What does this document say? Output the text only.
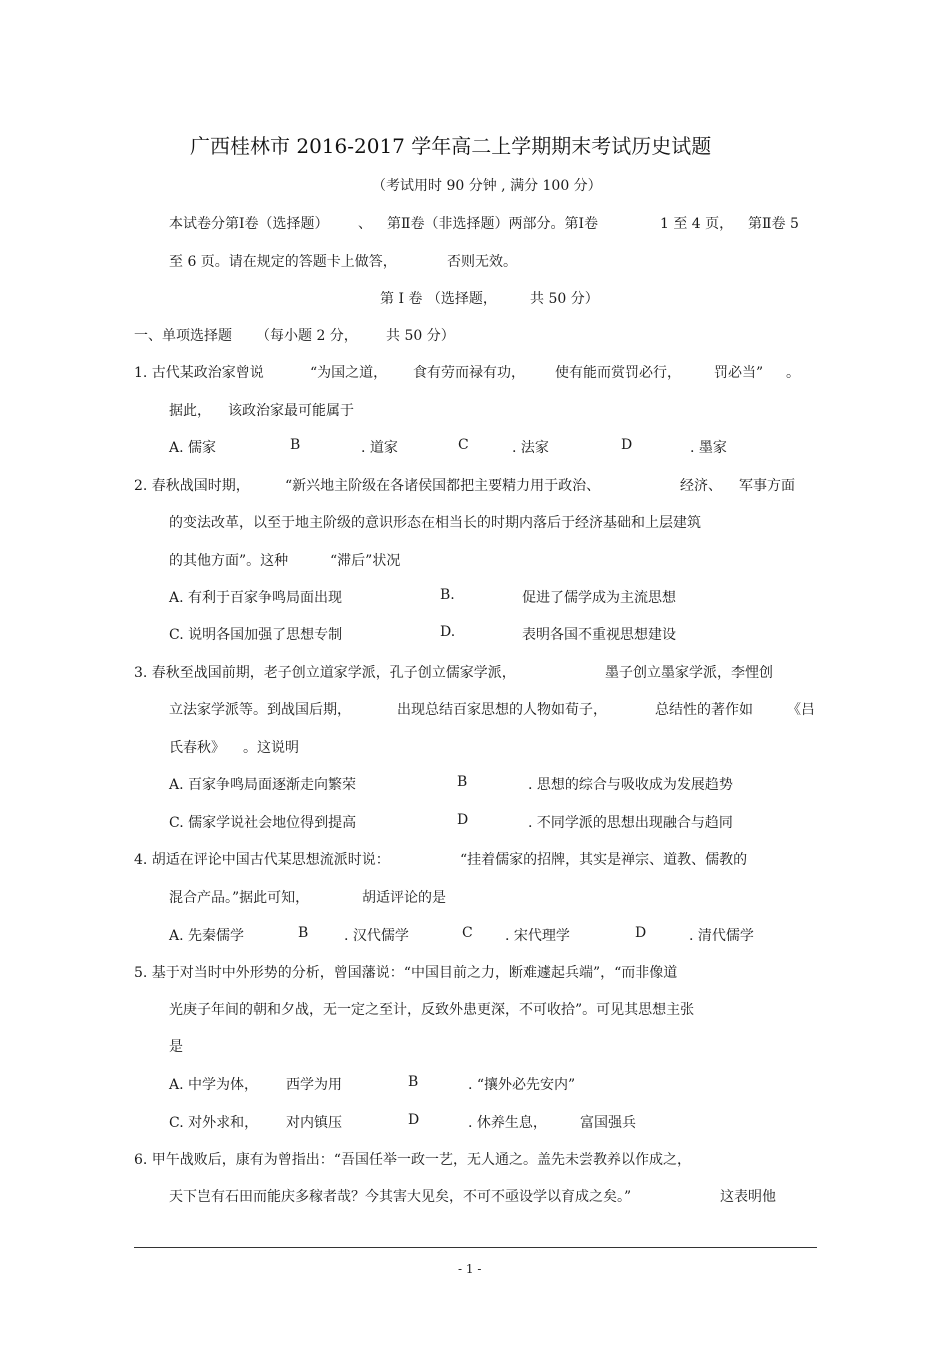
广西桂林市 2016-2017 学年高二上学期期末考试历史试题
（考试用时 90 分钟 , 满分 100 分）
本试卷分第Ⅰ卷（选择题） 、 第Ⅱ卷（非选择题）两部分。第Ⅰ卷	1 至 4 页， 第Ⅱ卷 5
至 6 页。请在规定的答题卡上做答，	否则无效。
第 Ⅰ 卷 （选择题， 共 50 分）
一、单项选择题 （每小题 2 分， 共 50 分）
1. 古代某政治家曾说	“为国之道， 食有劳而禄有功， 使有能而赏罚必行， 罚必当” 。
据此， 该政治家最可能属于
A. 儒家	B	. 道家	C	. 法家	D	. 墨家
2. 春秋战国时期，	“新兴地主阶级在各诸侯国都把主要精力用于政治、	经济、 军事方面
的变法改革，以至于地主阶级的意识形态在相当长的时期内落后于经济基础和上层建筑
的其他方面”。这种	“滞后”状况
A. 有利于百家争鸣局面出现	B.	促进了儒学成为主流思想
C. 说明各国加强了思想专制	D.	表明各国不重视思想建设
3. 春秋至战国前期，老子创立道家学派，孔子创立儒家学派，	墨子创立墨家学派，李悝创
立法家学派等。到战国后期，	出现总结百家思想的人物如荀子，	总结性的著作如 《吕
氏春秋》 。这说明
A. 百家争鸣局面逐渐走向繁荣	B	. 思想的综合与吸收成为发展趋势
C. 儒家学说社会地位得到提高	D	. 不同学派的思想出现融合与趋同
4. 胡适在评论中国古代某思想流派时说：	“挂着儒家的招牌，其实是禅宗、道教、儒教的
混合产品。”据此可知，	胡适评论的是
A. 先秦儒学	B	. 汉代儒学	C . 宋代理学	D	. 清代儒学
5. 基于对当时中外形势的分析，曾国藩说：“中国目前之力，断难遽起兵端”，“而非像道
光庚子年间的朝和夕战，无一定之至计，反致外患更深，不可收拾”。可见其思想主张
是
A. 中学为体， 西学为用	B	. “攘外必先安内”
C. 对外求和， 对内镇压	D	. 休养生息， 富国强兵
6. 甲午战败后，康有为曾指出：“吾国任举一政一艺，无人通之。盖先未尝教养以作成之，
天下岂有石田而能庆多稼者哉？今其害大见矣，不可不亟设学以育成之矣。”	这表明他
- 1 -
